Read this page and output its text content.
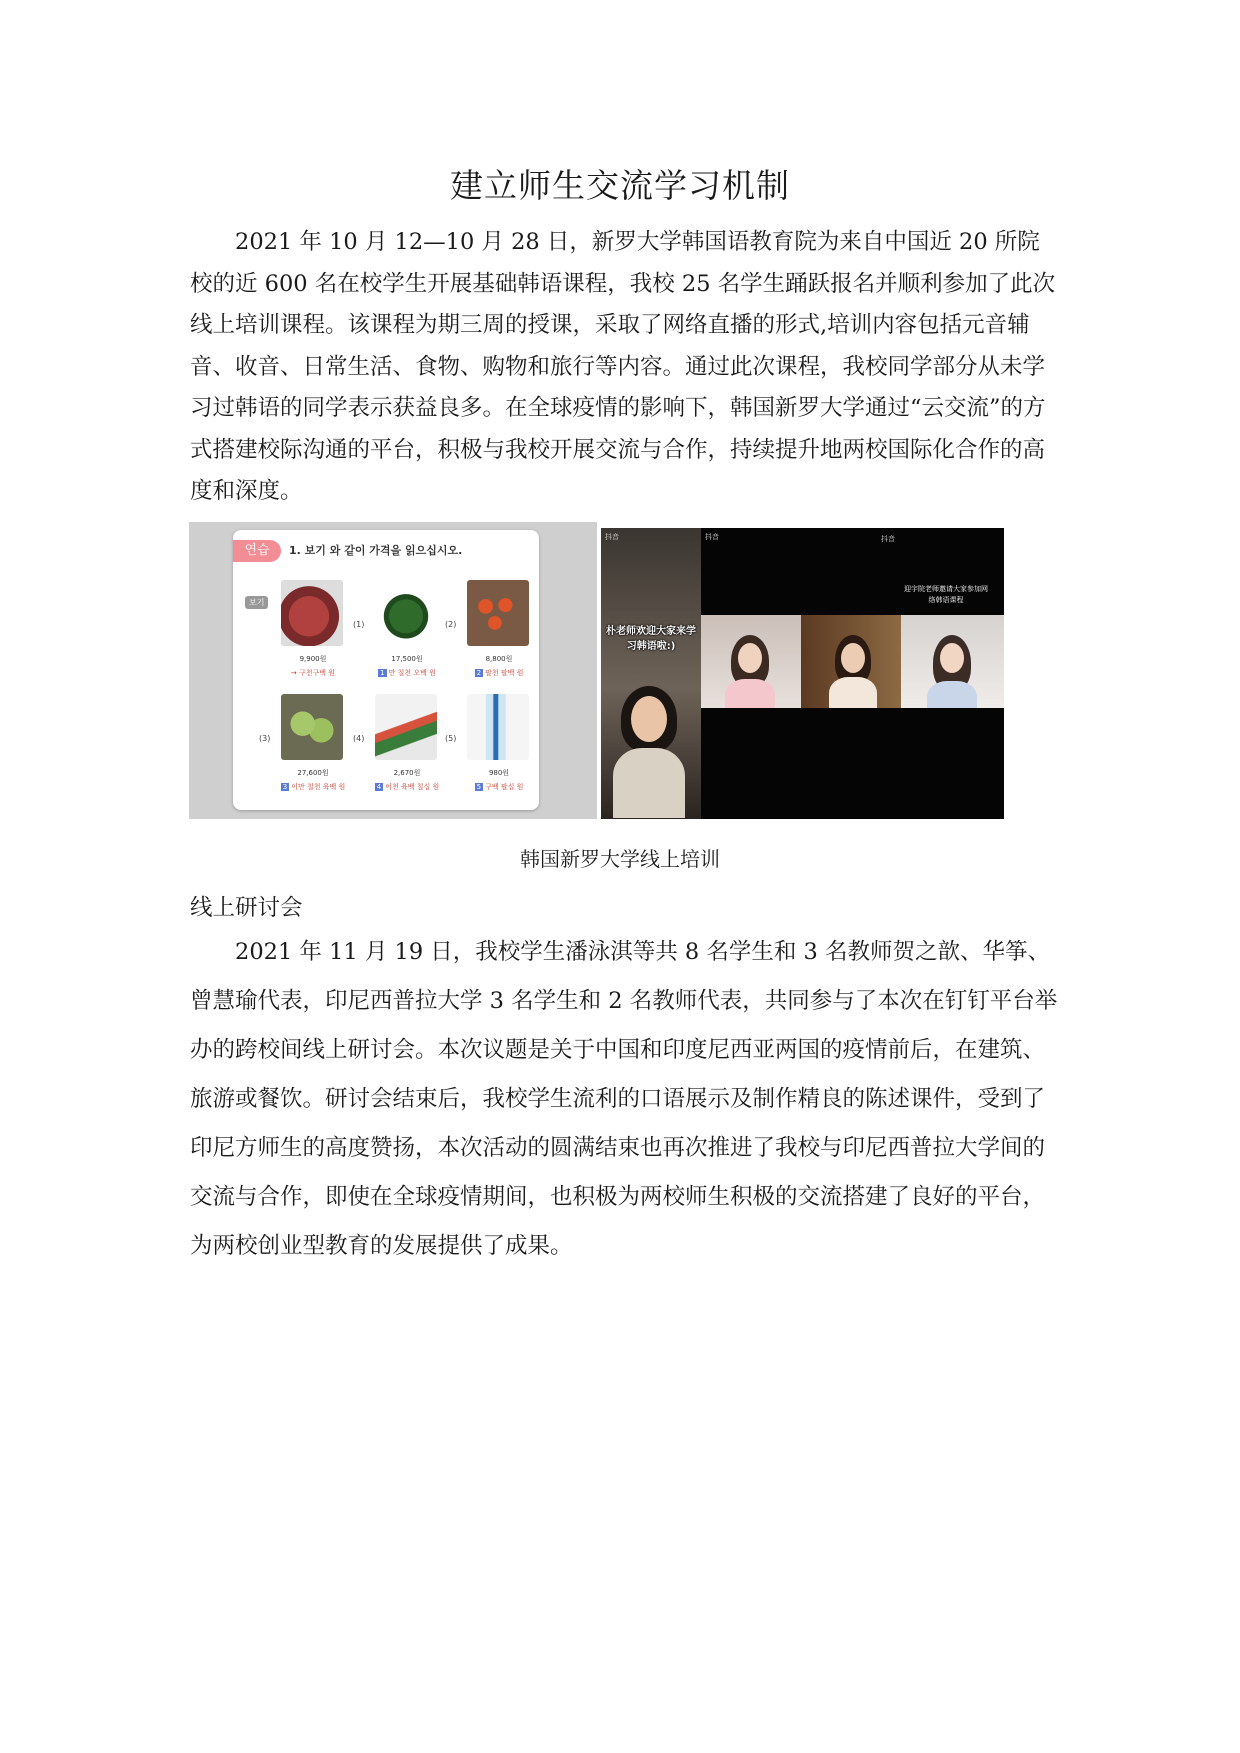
建立师生交流学习机制

2021 年 10 月 12—10 月 28 日，新罗大学韩国语教育院为来自中国近 20 所院校的近 600 名在校学生开展基础韩语课程，我校 25 名学生踊跃报名并顺利参加了此次线上培训课程。该课程为期三周的授课，采取了网络直播的形式,培训内容包括元音辅音、收音、日常生活、食物、购物和旅行等内容。通过此次课程，我校同学部分从未学习过韩语的同学表示获益良多。在全球疫情的影响下，韩国新罗大学通过“云交流”的方式搭建校际沟通的平台，积极与我校开展交流与合作，持续提升地两校国际化合作的高度和深度。

연습	1. 보기 와 같이 가격을 읽으십시오.
보기
9,900원
→ 구천구백 원
(1)
17,500원
1 만 칠천 오백 원
(2)
8,800원
2 팔천 팔백 원
(3)
27,600원
3 이만 칠천 육백 원
(4)
2,670원
4 이천 육백 칠십 원
(5)
980원
5 구백 팔십 원
抖音
朴老师欢迎大家来学习韩语啦:)
抖音	抖音
迎宇院老师邀请大家参加网络韩语课程
韩国新罗大学线上培训
线上研讨会

2021 年 11 月 19 日，我校学生潘泳淇等共 8 名学生和 3 名教师贺之歆、华筝、曾慧瑜代表，印尼西普拉大学 3 名学生和 2 名教师代表，共同参与了本次在钉钉平台举办的跨校间线上研讨会。本次议题是关于中国和印度尼西亚两国的疫情前后，在建筑、旅游或餐饮。研讨会结束后，我校学生流利的口语展示及制作精良的陈述课件，受到了印尼方师生的高度赞扬，本次活动的圆满结束也再次推进了我校与印尼西普拉大学间的交流与合作，即使在全球疫情期间，也积极为两校师生积极的交流搭建了良好的平台，为两校创业型教育的发展提供了成果。
